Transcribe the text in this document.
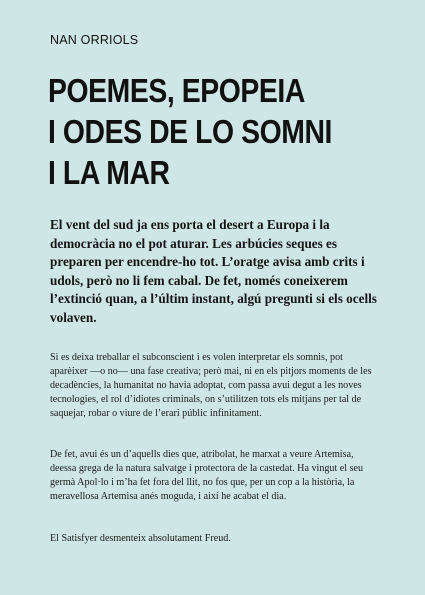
NAN ORRIOLS
POEMES, EPOPEIA
I ODES DE LO SOMNI
I LA MAR

El vent del sud ja ens porta el desert a Europa i la democràcia no el pot aturar. Les arbúcies seques es preparen per encendre-ho tot. L’oratge avisa amb crits i udols, però no li fem cabal. De fet, només coneixerem l’extinció quan, a l’últim instant, algú pregunti si els ocells volaven.

Si es deixa treballar el subconscient i es volen interpretar els somnis, pot aparèixer —o no— una fase creativa; però mai, ni en els pitjors moments de les decadències, la humanitat no havia adoptat, com passa avui degut a les noves tecnologies, el rol d’idiotes criminals, on s’utilitzen tots els mitjans per tal de saquejar, robar o viure de l’erari públic infinitament.

De fet, avui és un d’aquells dies que, atribolat, he marxat a veure Artemisa, deessa grega de la natura salvatge i protectora de la castedat. Ha vingut el seu germà Apol·lo i m’ha fet fora del llit, no fos que, per un cop a la història, la meravellosa Artemisa anés moguda, i així he acabat el dia.

El Satisfyer desmenteix absolutament Freud.
